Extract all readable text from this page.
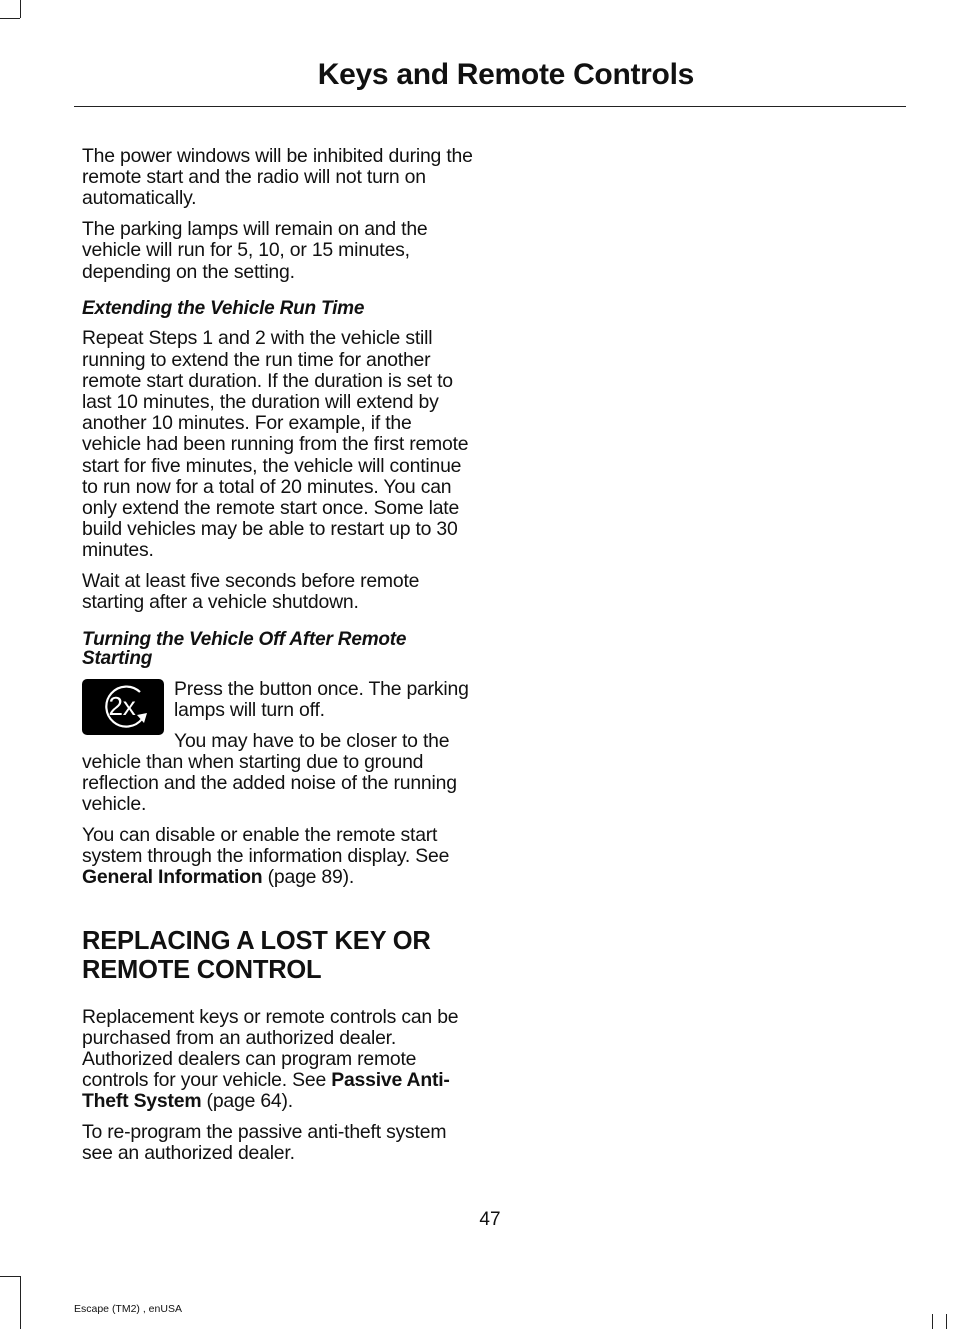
Keys and Remote Controls

The power windows will be inhibited during the remote start and the radio will not turn on automatically.

The parking lamps will remain on and the vehicle will run for 5, 10, or 15 minutes, depending on the setting.

Extending the Vehicle Run Time

Repeat Steps 1 and 2 with the vehicle still running to extend the run time for another remote start duration. If the duration is set to last 10 minutes, the duration will extend by another 10 minutes. For example, if the vehicle had been running from the first remote start for five minutes, the vehicle will continue to run now for a total of 20 minutes. You can only extend the remote start once. Some late build vehicles may be able to restart up to 30 minutes.

Wait at least five seconds before remote starting after a vehicle shutdown.

Turning the Vehicle Off After Remote Starting
2x

Press the button once. The parking lamps will turn off.

You may have to be closer to the vehicle than when starting due to ground reflection and the added noise of the running vehicle.

You can disable or enable the remote start system through the information display. See General Information (page 89).

REPLACING A LOST KEY OR REMOTE CONTROL

Replacement keys or remote controls can be purchased from an authorized dealer. Authorized dealers can program remote controls for your vehicle. See Passive Anti-Theft System (page 64).

To re-program the passive anti-theft system see an authorized dealer.

47
Escape (TM2) , enUSA
